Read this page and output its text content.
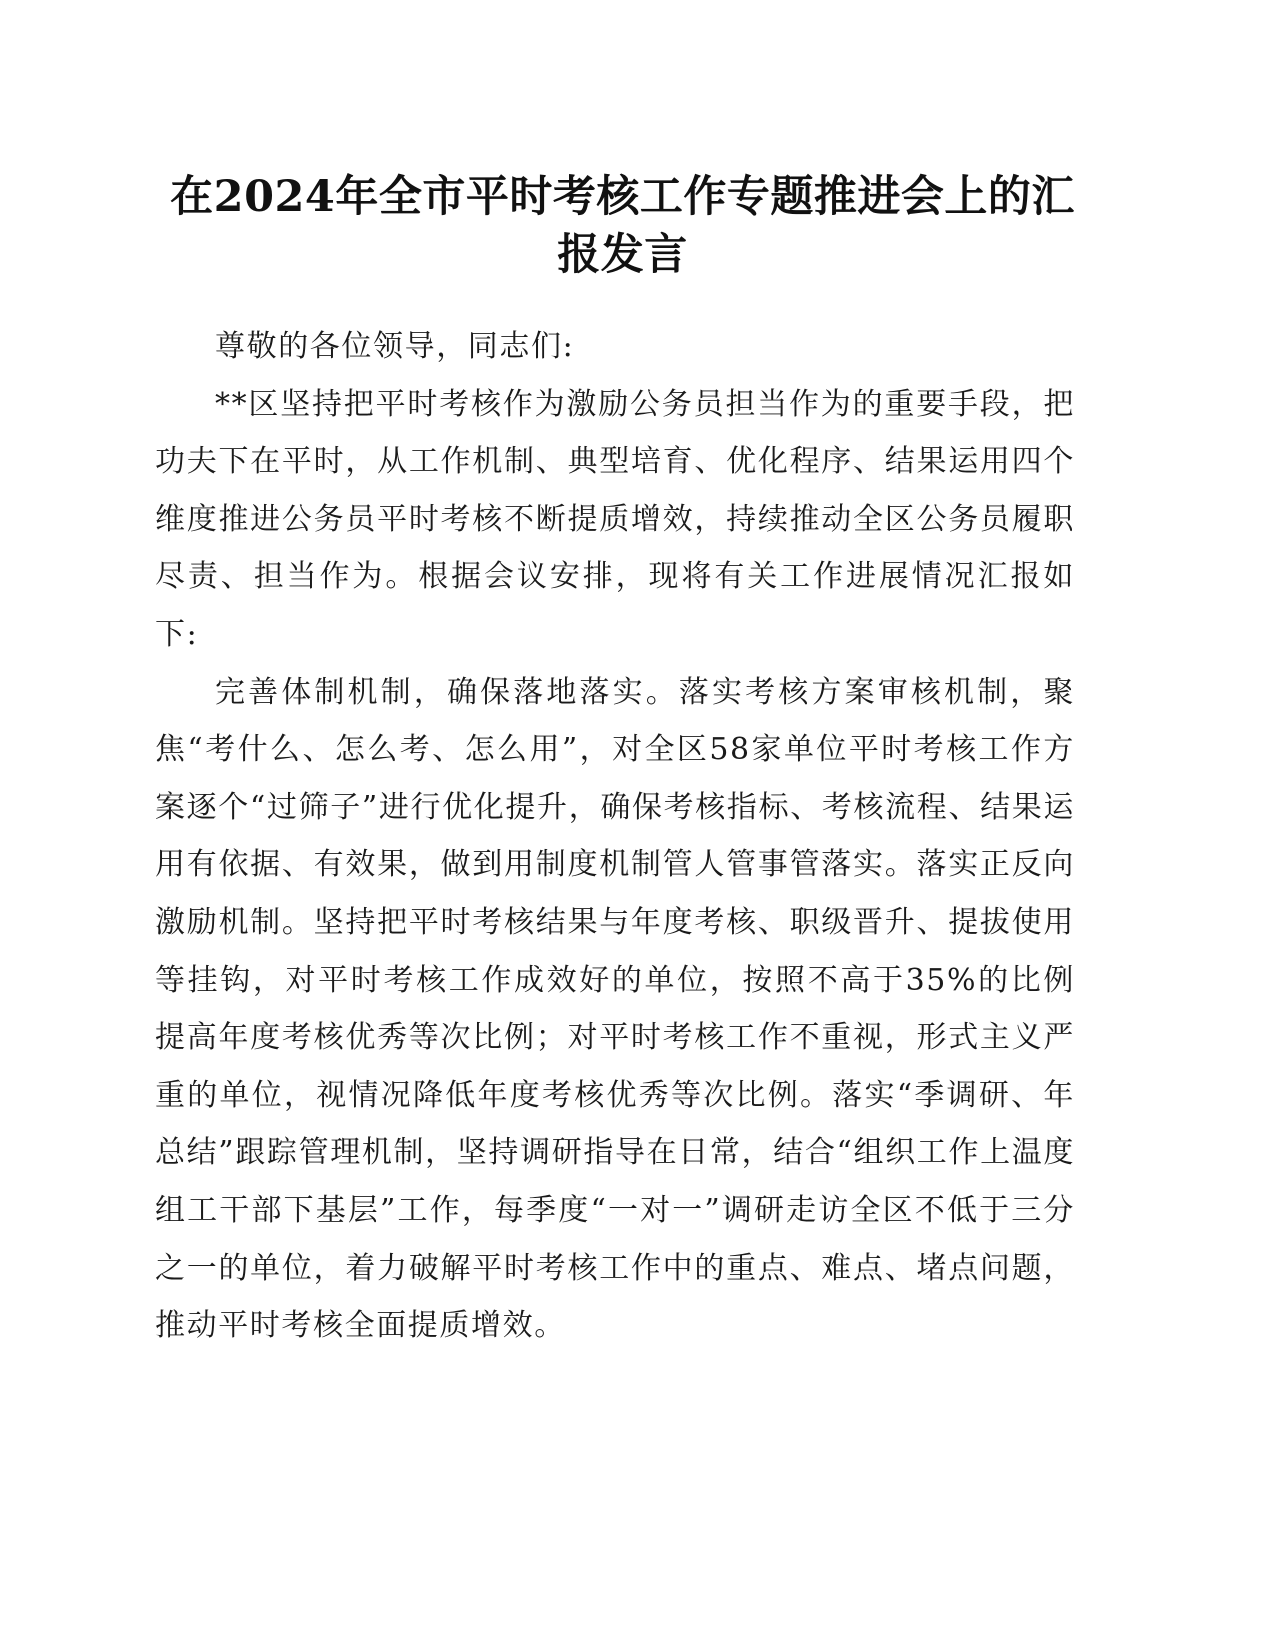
在2024年全市平时考核工作专题推进会上的汇报发言

尊敬的各位领导，同志们:

**区坚持把平时考核作为激励公务员担当作为的重要手段，把功夫下在平时，从工作机制、典型培育、优化程序、结果运用四个维度推进公务员平时考核不断提质增效，持续推动全区公务员履职尽责、担当作为。根据会议安排，现将有关工作进展情况汇报如下:

完善体制机制，确保落地落实。落实考核方案审核机制，聚焦“考什么、怎么考、怎么用”，对全区58家单位平时考核工作方案逐个“过筛子”进行优化提升，确保考核指标、考核流程、结果运用有依据、有效果，做到用制度机制管人管事管落实。落实正反向激励机制。坚持把平时考核结果与年度考核、职级晋升、提拔使用等挂钩，对平时考核工作成效好的单位，按照不高于35%的比例提高年度考核优秀等次比例；对平时考核工作不重视，形式主义严重的单位，视情况降低年度考核优秀等次比例。落实“季调研、年总结”跟踪管理机制，坚持调研指导在日常，结合“组织工作上温度组工干部下基层”工作，每季度“一对一”调研走访全区不低于三分之一的单位，着力破解平时考核工作中的重点、难点、堵点问题，推动平时考核全面提质增效。
